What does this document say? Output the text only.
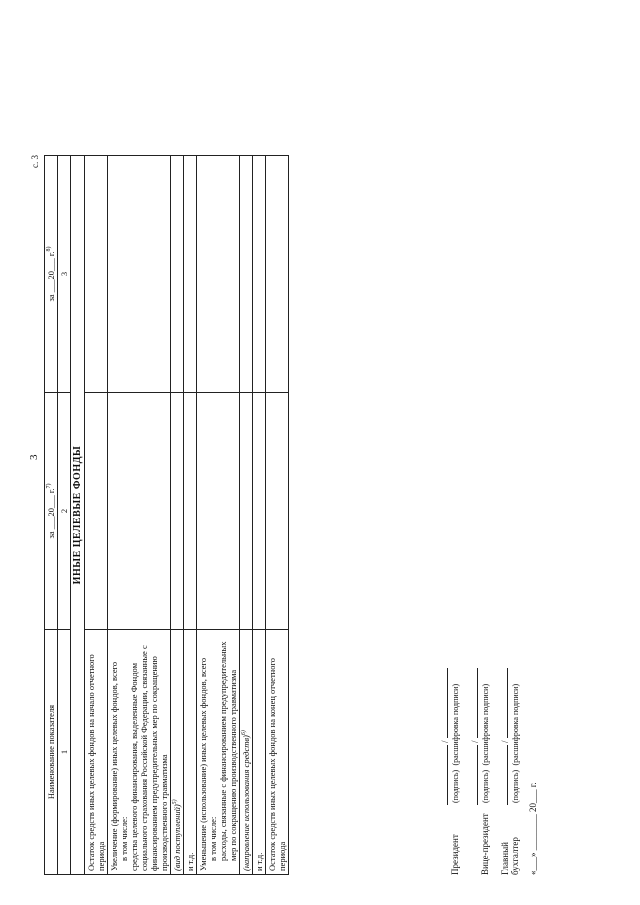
3
с. 3
Наименование показателя	за ___20___ г.$^{7)}$	за ___20___ г.$^{8)}$
1	2	3
ИНЫЕ ЦЕЛЕВЫЕ ФОНДЫ		
Остаток средств иных целевых фондов на начало отчетного периода		

Увеличение (формирование) иных целевых фондов, всего в том числе: средства целевого финансирования, выделенные Фондом социального страхования Российской Федерации, связанные с финансированием предупредительных мер по сокращению производственного травматизма		

(вид поступлений)$^{5)}$		
и т.д.		

Уменьшение (использование) иных целевых фондов, всего в том числе: расходы, связанные с финансированием предупредительных мер по сокращению производственного травматизма		

(направление использования средств)$^{6)}$		
и т.д.		
Остаток средств иных целевых фондов на конец отчетного периода			Президент
/
(подпись) (расшифровка подписи)
Вице-президент
/
(подпись) (расшифровка подписи)
Главный бухгалтер
/
(подпись) (расшифровка подписи)
«___» ________ 20___ г.
